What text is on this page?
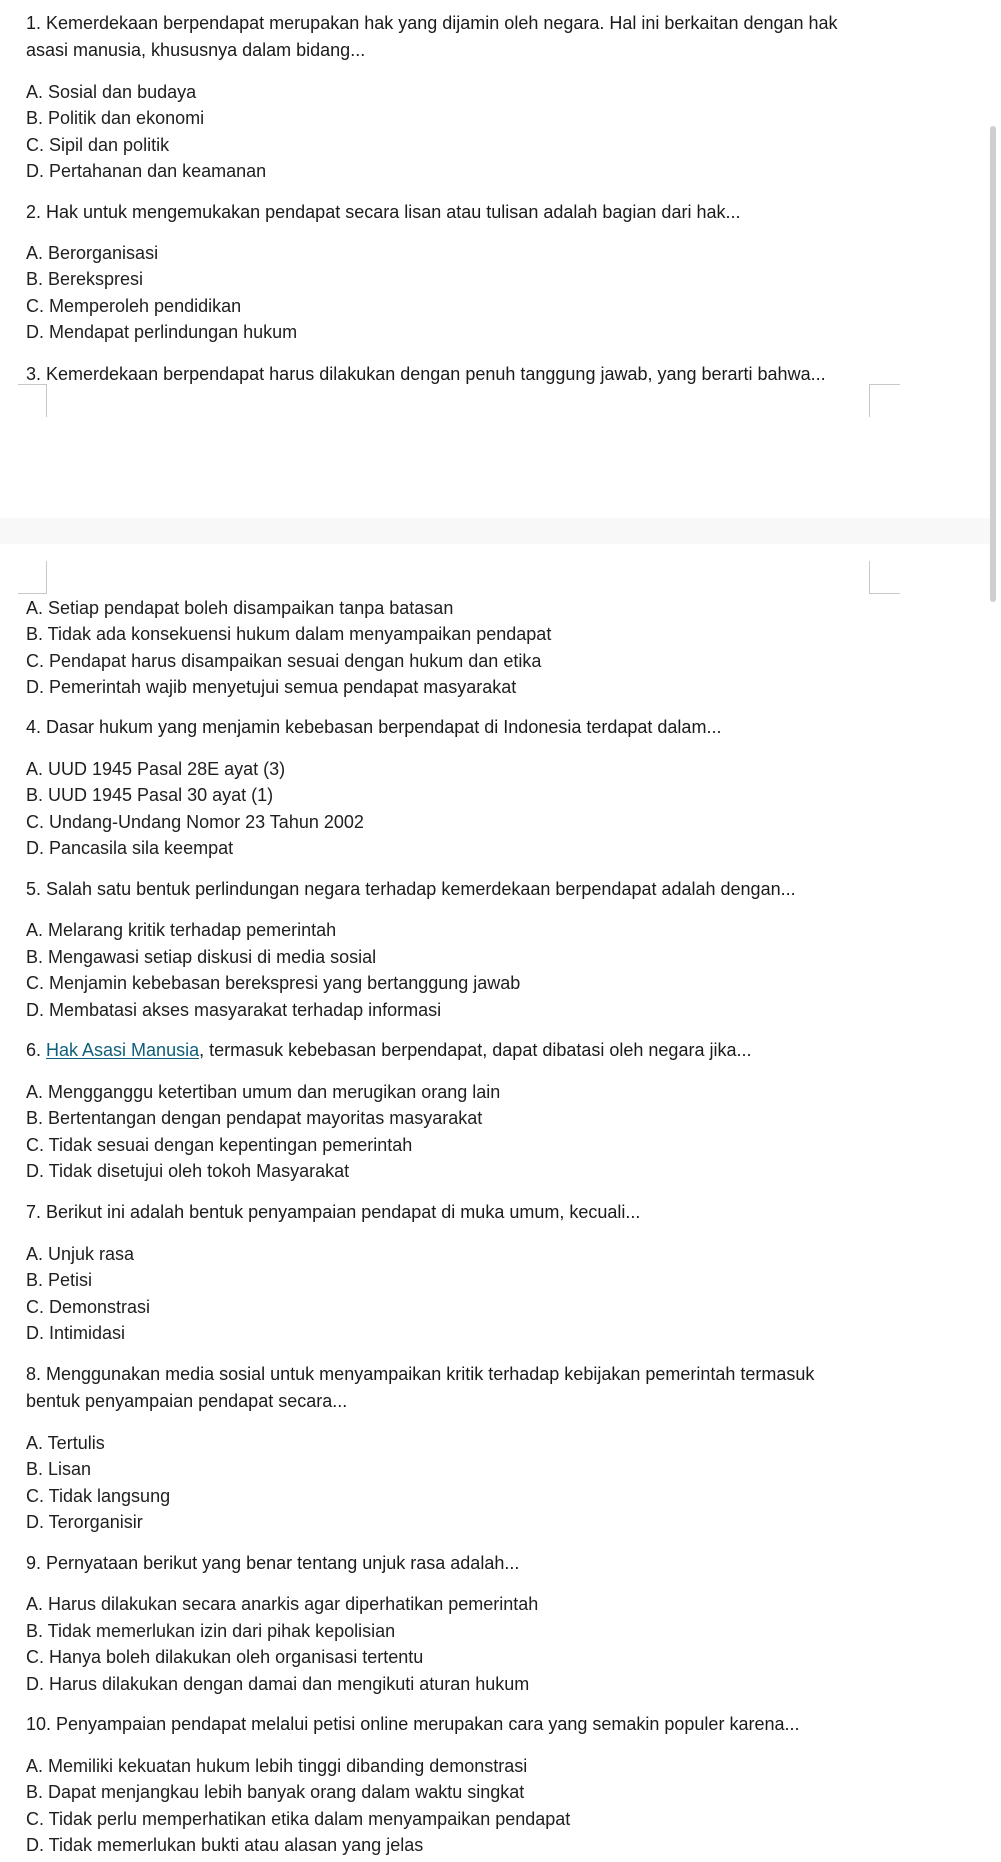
1. Kemerdekaan berpendapat merupakan hak yang dijamin oleh negara. Hal ini berkaitan dengan hak
asasi manusia, khususnya dalam bidang...
A. Sosial dan budaya
B. Politik dan ekonomi
C. Sipil dan politik
D. Pertahanan dan keamanan
2. Hak untuk mengemukakan pendapat secara lisan atau tulisan adalah bagian dari hak...
A. Berorganisasi
B. Berekspresi
C. Memperoleh pendidikan
D. Mendapat perlindungan hukum
3. Kemerdekaan berpendapat harus dilakukan dengan penuh tanggung jawab, yang berarti bahwa...
A. Setiap pendapat boleh disampaikan tanpa batasan
B. Tidak ada konsekuensi hukum dalam menyampaikan pendapat
C. Pendapat harus disampaikan sesuai dengan hukum dan etika
D. Pemerintah wajib menyetujui semua pendapat masyarakat
4. Dasar hukum yang menjamin kebebasan berpendapat di Indonesia terdapat dalam...
A. UUD 1945 Pasal 28E ayat (3)
B. UUD 1945 Pasal 30 ayat (1)
C. Undang-Undang Nomor 23 Tahun 2002
D. Pancasila sila keempat
5. Salah satu bentuk perlindungan negara terhadap kemerdekaan berpendapat adalah dengan...
A. Melarang kritik terhadap pemerintah
B. Mengawasi setiap diskusi di media sosial
C. Menjamin kebebasan berekspresi yang bertanggung jawab
D. Membatasi akses masyarakat terhadap informasi
6. Hak Asasi Manusia, termasuk kebebasan berpendapat, dapat dibatasi oleh negara jika...
A. Mengganggu ketertiban umum dan merugikan orang lain
B. Bertentangan dengan pendapat mayoritas masyarakat
C. Tidak sesuai dengan kepentingan pemerintah
D. Tidak disetujui oleh tokoh Masyarakat
7. Berikut ini adalah bentuk penyampaian pendapat di muka umum, kecuali...
A. Unjuk rasa
B. Petisi
C. Demonstrasi
D. Intimidasi
8. Menggunakan media sosial untuk menyampaikan kritik terhadap kebijakan pemerintah termasuk
bentuk penyampaian pendapat secara...
A. Tertulis
B. Lisan
C. Tidak langsung
D. Terorganisir
9. Pernyataan berikut yang benar tentang unjuk rasa adalah...
A. Harus dilakukan secara anarkis agar diperhatikan pemerintah
B. Tidak memerlukan izin dari pihak kepolisian
C. Hanya boleh dilakukan oleh organisasi tertentu
D. Harus dilakukan dengan damai dan mengikuti aturan hukum
10. Penyampaian pendapat melalui petisi online merupakan cara yang semakin populer karena...
A. Memiliki kekuatan hukum lebih tinggi dibanding demonstrasi
B. Dapat menjangkau lebih banyak orang dalam waktu singkat
C. Tidak perlu memperhatikan etika dalam menyampaikan pendapat
D. Tidak memerlukan bukti atau alasan yang jelas
